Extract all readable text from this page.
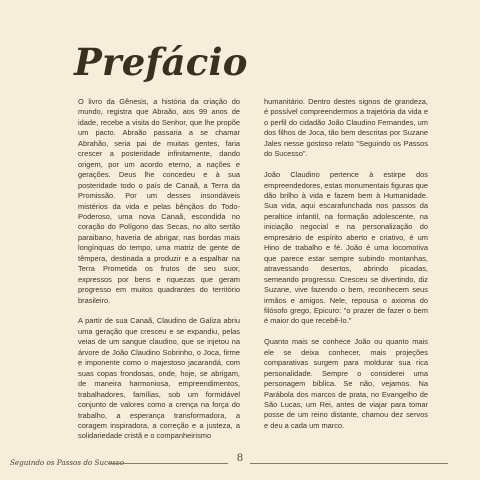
Prefácio

O livro da Gênesis, a história da criação do mundo, registra que Abraão, aos 99 anos de idade, recebe a visita do Senhor, que lhe propõe um pacto. Abraão passaria a se chamar Abrahão, seria pai de muitas gentes, faria crescer a posteridade infinitamente, dando origem, por um acordo eterno, a nações e gerações. Deus lhe concedeu e à sua posteridade todo o país de Canaã, a Terra da Promissão. Por um desses insondáveis mistérios da vida e pelas bênçãos do Todo-Poderoso, uma nova Canaã, escondida no coração do Polígono das Secas, no alto sertão paraibano, haveria de abrigar, nas bordas mais longínquas do tempo, uma matriz de gente de têmpera, destinada a produzir e a espalhar na Terra Prometida os frutos de seu suor, expressos por bens e riquezas que geram progresso em muitos quadrantes do território brasileiro.

A partir de sua Canaã, Claudino de Galiza abriu uma geração que cresceu e se expandiu, pelas veias de um sangue claudino, que se injetou na árvore de João Claudino Sobrinho, o Joca, firme e imponente como o majestoso jacarandá, com suas copas frondosas, onde, hoje, se abrigam, de maneira harmoniosa, empreendimentos, trabalhadores, famílias, sob um formidável conjunto de valores como a crença na força do trabalho, a esperança transformadora, a coragem inspiradora, a correção e a justeza, a solidariedade cristã e o companheirismo

humanitário. Dentro destes signos de grandeza, é possível compreendermos a trajetória da vida e o perfil do cidadão João Claudino Fernandes, um dos filhos de Joca, tão bem descritas por Suzane Jales nesse gostoso relato "Seguindo os Passos do Sucesso".

João Claudino pertence à estirpe dos empreendedores, estas monumentais figuras que dão brilho à vida e fazem bem à Humanidade. Sua vida, aqui escarafunchada nos passos da peraltice infantil, na formação adolescente, na iniciação negocial e na personalização do empresário de espírito aberto e criativo, é um Hino de trabalho e fé. João é uma locomotiva que parece estar sempre subindo montanhas, atravessando desertos, abrindo picadas, semeando progresso. Cresceu se divertindo, diz Suzane, vive fazendo o bem, reconhecem seus irmãos e amigos. Nele, repousa o axioma do filósofo grego, Epicuro: "o prazer de fazer o bem é maior do que recebê-lo."

Quanto mais se conhece João ou quanto mais ele se deixa conhecer, mais projeções comparativas surgem para moldurar sua rica personalidade. Sempre o considerei uma personagem bíblica. Se não, vejamos. Na Parábola dos marcos de prata, no Evangelho de São Lucas, um Rei, antes de viajar para tomar posse de um reino distante, chamou dez servos e deu a cada um marco.

Seguindo os Passos do Sucesso	8
